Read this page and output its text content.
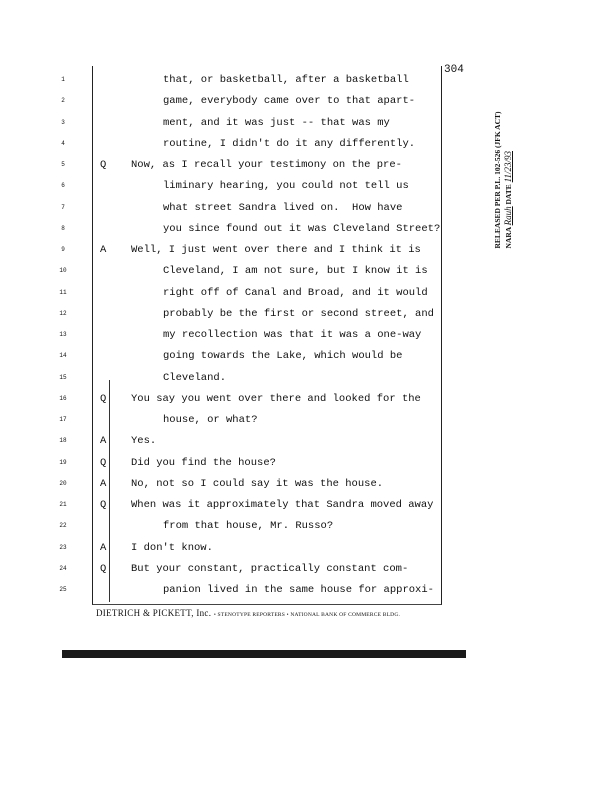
304
1	that, or basketball, after a basketball
2	game, everybody came over to that apart-
3	ment, and it was just -- that was my
4	routine, I didn't do it any differently.
5	Q Now, as I recall your testimony on the pre-
6	liminary hearing, you could not tell us
7	what street Sandra lived on.  How have
8	you since found out it was Cleveland Street?
9	A Well, I just went over there and I think it is
10	Cleveland, I am not sure, but I know it is
11	right off of Canal and Broad, and it would
12	probably be the first or second street, and
13	my recollection was that it was a one-way
14	going towards the Lake, which would be
15	Cleveland.
16	Q You say you went over there and looked for the
17	house, or what?
18	A Yes.
19	Q Did you find the house?
20	A No, not so I could say it was the house.
21	Q When was it approximately that Sandra moved away
22	from that house, Mr. Russo?
23	A I don't know.
24	Q But your constant, practically constant com-
25	panion lived in the same house for approxi-
DIETRICH & PICKETT, Inc. • STENOTYPE REPORTERS • NATIONAL BANK OF COMMERCE BLDG.
RELEASED PER P.L. 102-526 (JFK ACT) NARA Rauh DATE 11/23/93
